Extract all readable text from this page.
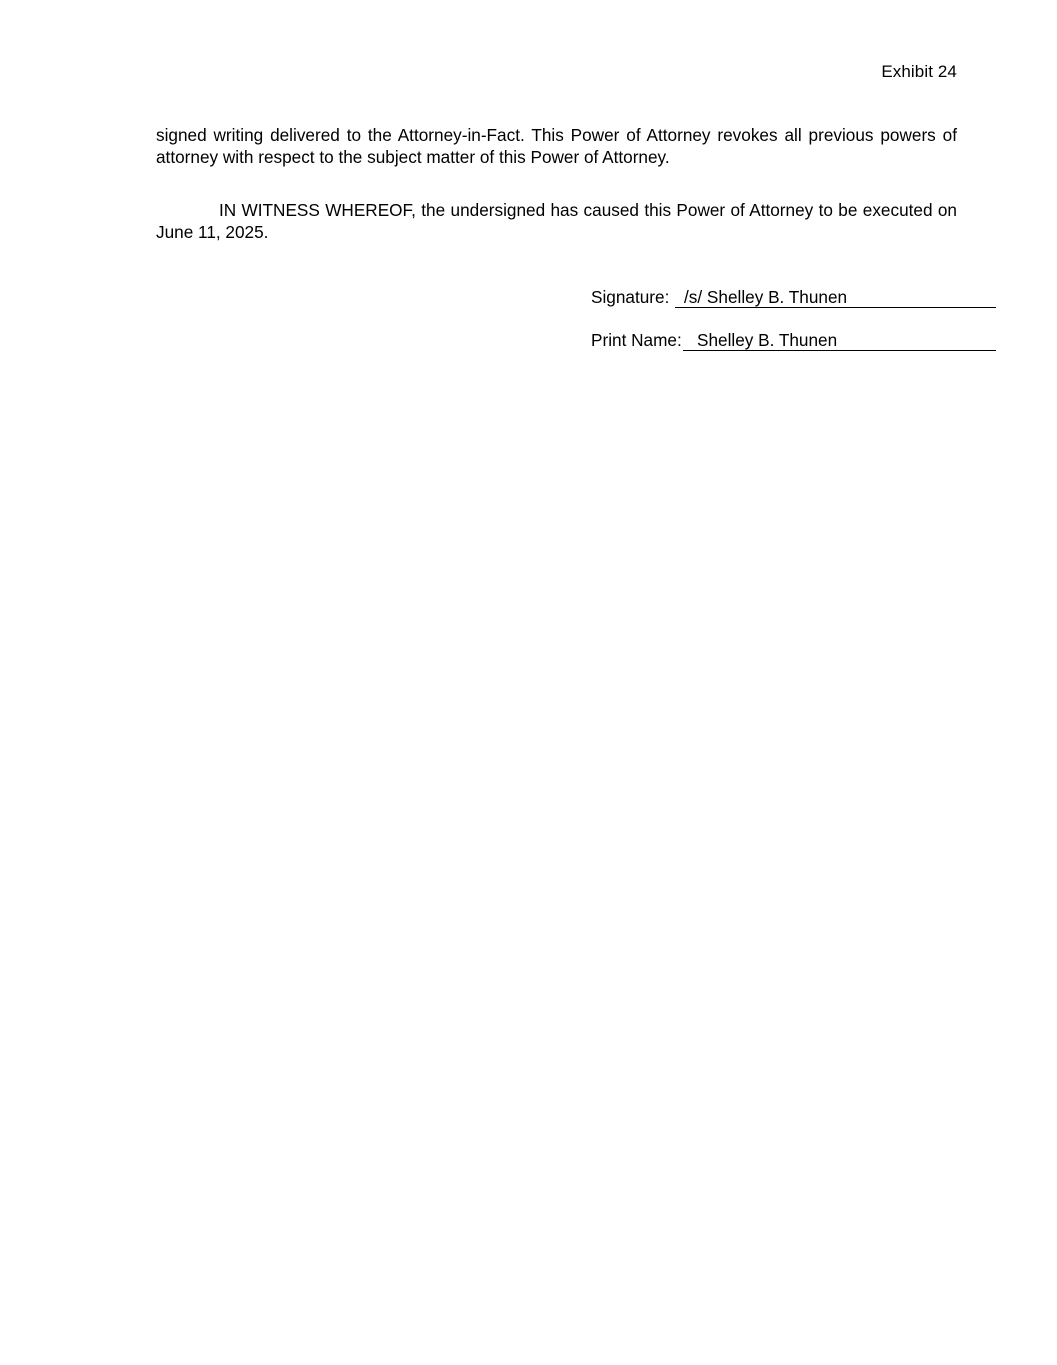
Exhibit 24

signed writing delivered to the Attorney-in-Fact. This Power of Attorney revokes all previous powers of attorney with respect to the subject matter of this Power of Attorney.

IN WITNESS WHEREOF, the undersigned has caused this Power of Attorney to be executed on June 11, 2025.

Signature: /s/ Shelley B. Thunen
Print Name: Shelley B. Thunen
